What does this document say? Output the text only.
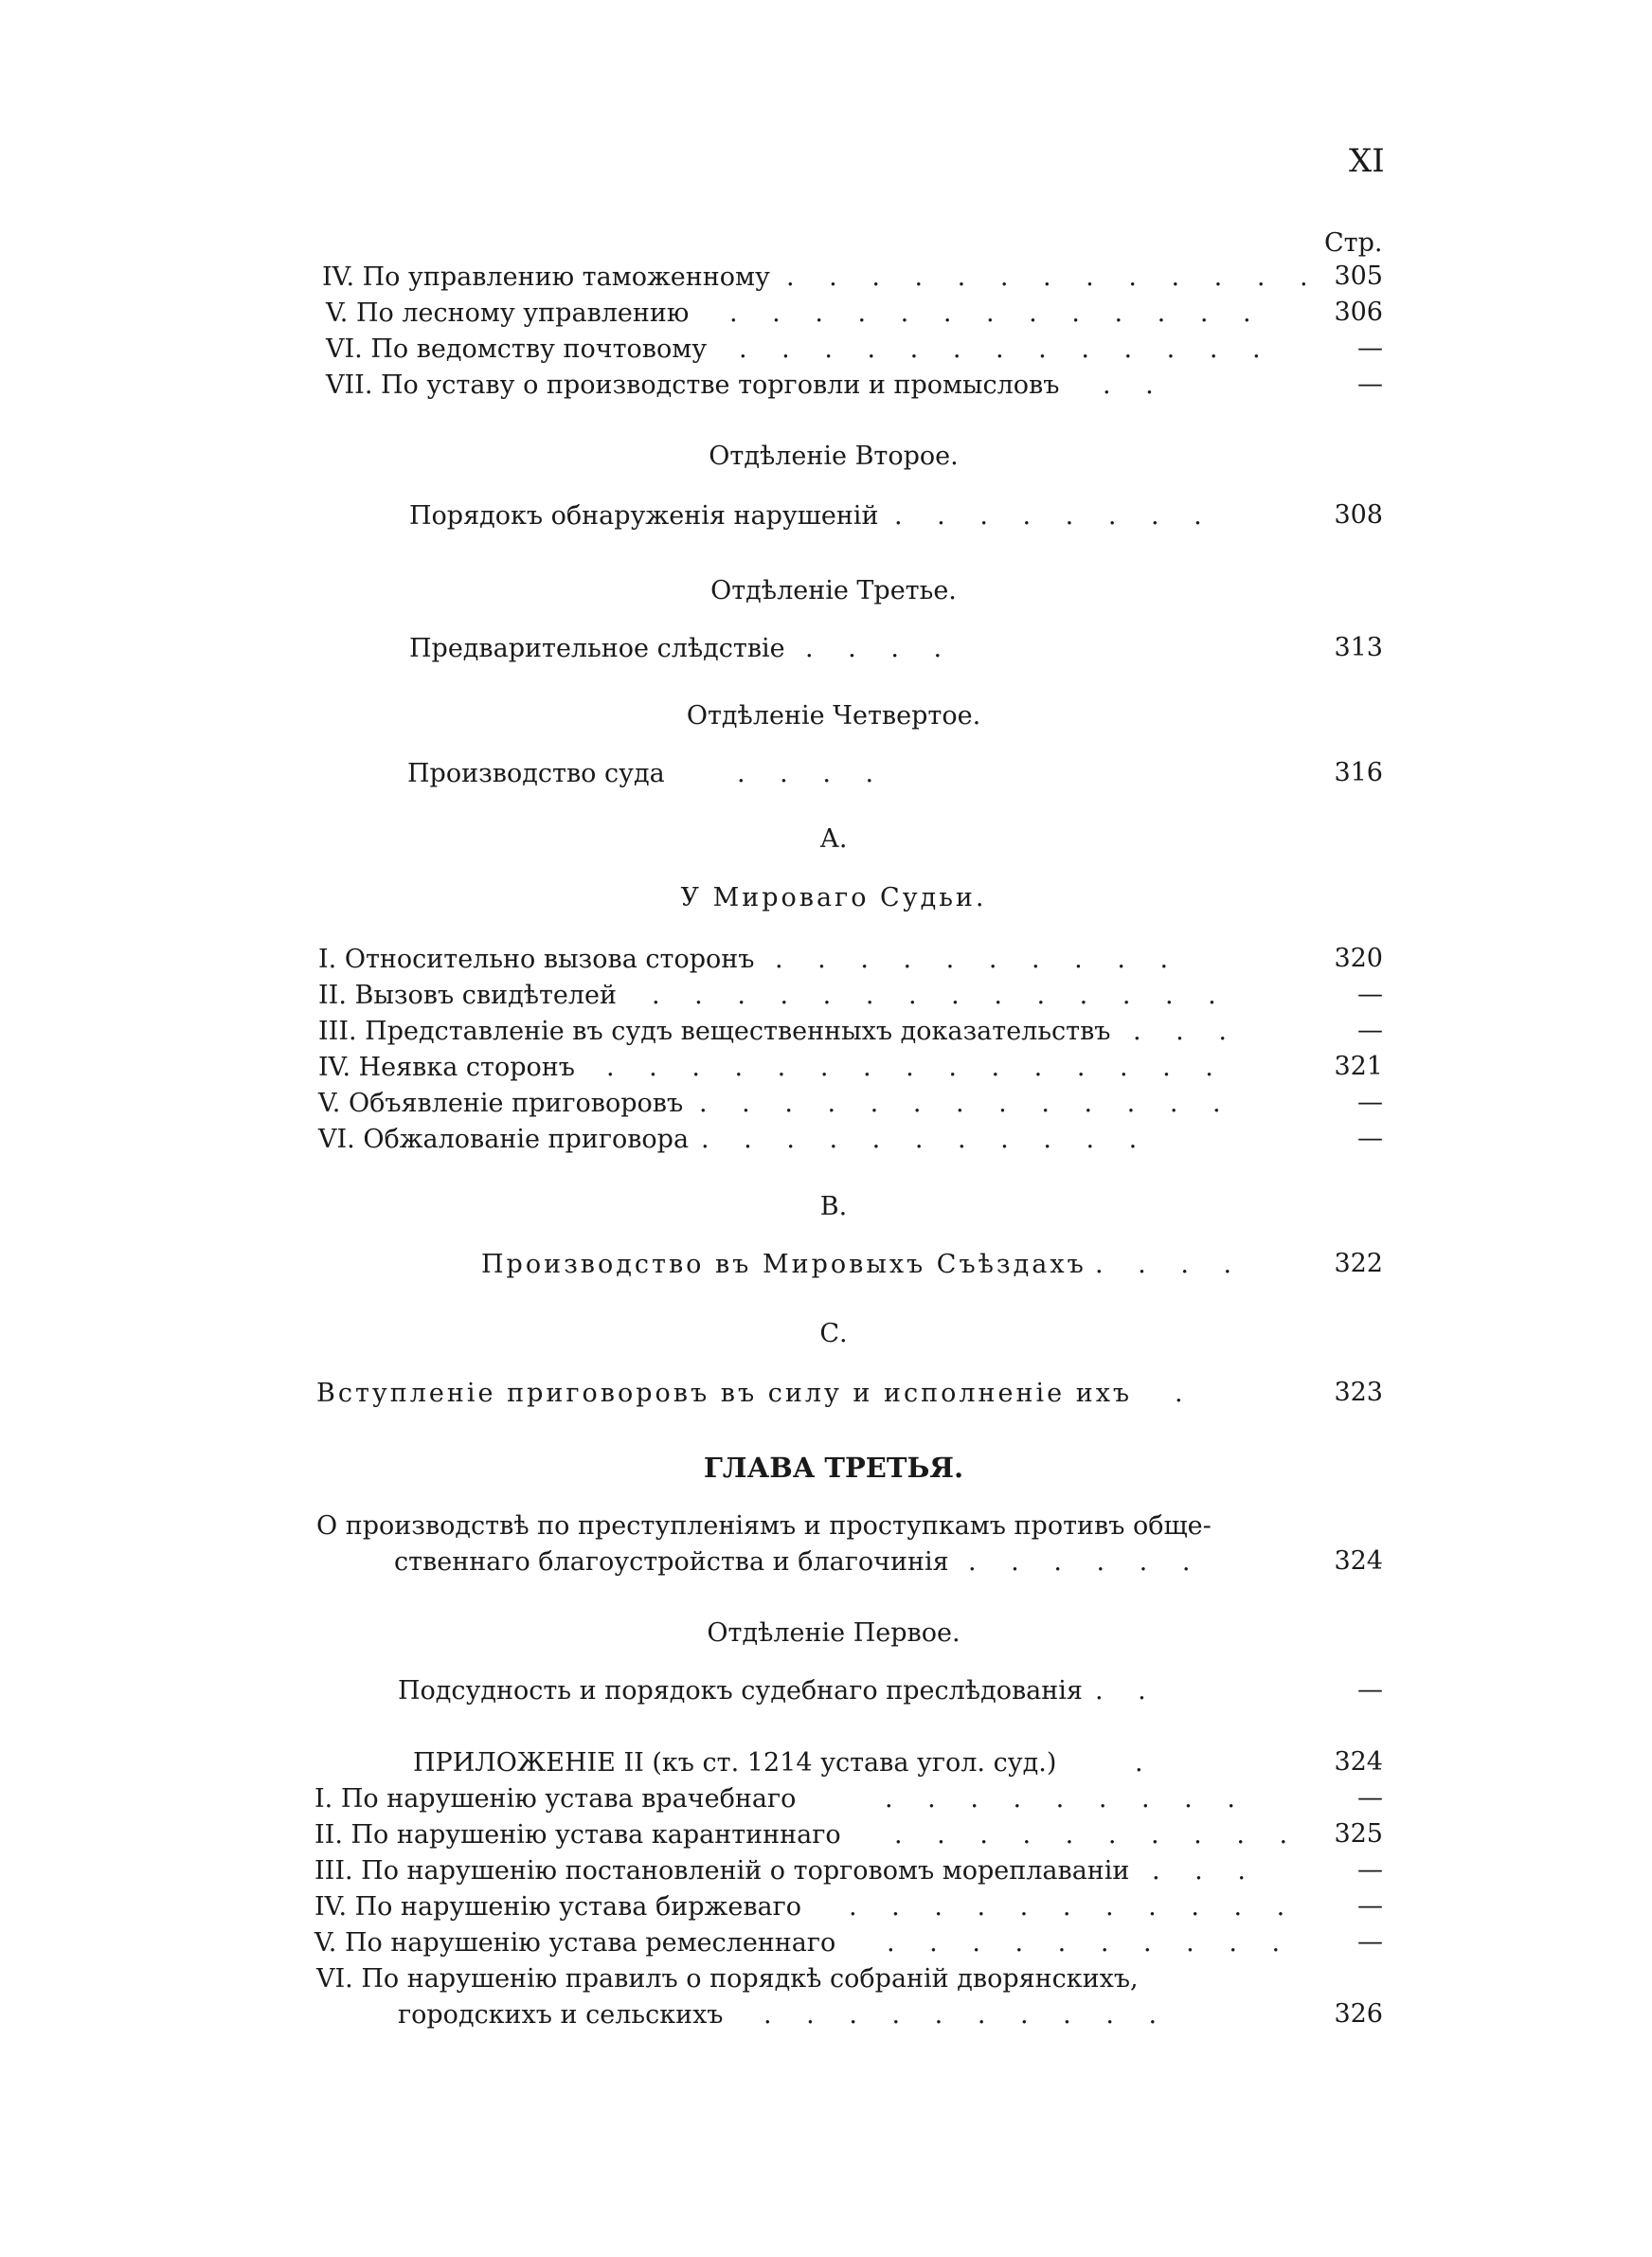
XI
Стр.
IV. По управлению таможенному . . . . . . . . . . . . . 305
V. По лесному управлению . . . . . . . . . . . . .	306
VI. По ведомству почтовому . . . . . . . . . . . . .	—
VII. По уставу о производстве торговли и промысловъ . .	—
Отдѣленіе Второе.
Порядокъ обнаруженія нарушеній . . . . . . . .	308
Отдѣленіе Третье.
Предварительное слѣдствіе . . . .	313
Отдѣленіе Четвертое.
Производство суда	. . . .	316
А.
У Мироваго Судьи.
I. Относительно вызова сторонъ . . . . . . . . . .	320
II. Вызовъ свидѣтелей . . . . . . . . . . . . . .	—
III. Представленіе въ судъ вещественныхъ доказательствъ . . .	—
IV. Неявка сторонъ . . . . . . . . . . . . . . .	321
V. Объявленіе приговоровъ . . . . . . . . . . . . .	—
VI. Обжалованіе приговора . . . . . . . . . . .	—
В.
Производство въ Мировыхъ Съѣздахъ . . . .	322
С.
Вступленіе приговоровъ въ силу и исполненіе ихъ .	323
ГЛАВА ТРЕТЬЯ.
О производствѣ по преступленіямъ и проступкамъ противъ обще-
ственнаго благоустройства и благочинія . . . . . .	324
Отдѣленіе Первое.
Подсудность и порядокъ судебнаго преслѣдованія . .	—
ПРИЛОЖЕНІЕ II (къ ст. 1214 устава угол. суд.)	.	324
I. По нарушенію устава врачебнаго	. . . . . . . . .	—
II. По нарушенію устава карантиннаго . . . . . . . . . .	325
III. По нарушенію постановленій о торговомъ мореплаваніи . . .	—
IV. По нарушенію устава биржеваго . . . . . . . . . . .	—
V. По нарушенію устава ремесленнаго . . . . . . . . . .	—
VI. По нарушенію правилъ о порядкѣ собраній дворянскихъ,
городскихъ и сельскихъ . . . . . . . . . .	326
